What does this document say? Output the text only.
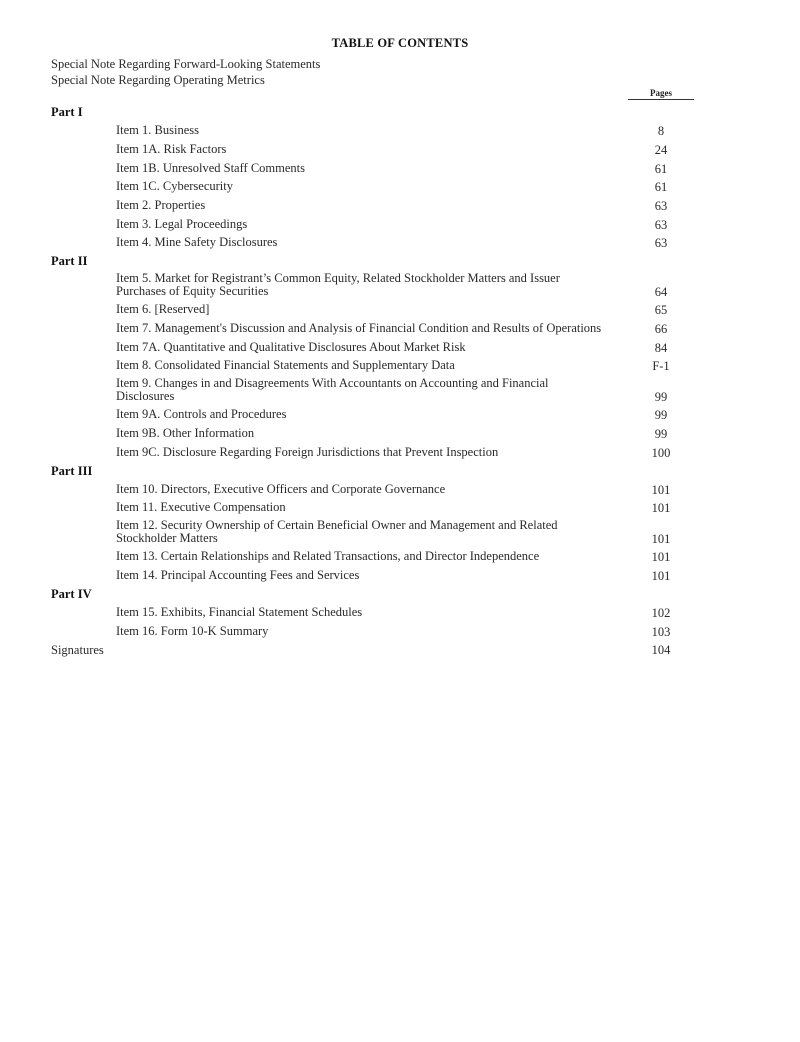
TABLE OF CONTENTS
Special Note Regarding Forward-Looking Statements
Special Note Regarding Operating Metrics
Pages
Part I
Item 1. Business	8
Item 1A. Risk Factors	24
Item 1B. Unresolved Staff Comments	61
Item 1C. Cybersecurity	61
Item 2. Properties	63
Item 3. Legal Proceedings	63
Item 4. Mine Safety Disclosures	63
Part II
Item 5. Market for Registrant’s Common Equity, Related Stockholder Matters and Issuer
Purchases of Equity Securities	64
Item 6. [Reserved]	65
Item 7. Management's Discussion and Analysis of Financial Condition and Results of Operations	66
Item 7A. Quantitative and Qualitative Disclosures About Market Risk	84
Item 8. Consolidated Financial Statements and Supplementary Data	F-1
Item 9. Changes in and Disagreements With Accountants on Accounting and Financial
Disclosures	99
Item 9A. Controls and Procedures	99
Item 9B. Other Information	99
Item 9C. Disclosure Regarding Foreign Jurisdictions that Prevent Inspection	100
Part III
Item 10. Directors, Executive Officers and Corporate Governance	101
Item 11. Executive Compensation	101
Item 12. Security Ownership of Certain Beneficial Owner and Management and Related
Stockholder Matters	101
Item 13. Certain Relationships and Related Transactions, and Director Independence	101
Item 14. Principal Accounting Fees and Services	101
Part IV
Item 15. Exhibits, Financial Statement Schedules	102
Item 16. Form 10-K Summary	103
Signatures	104
